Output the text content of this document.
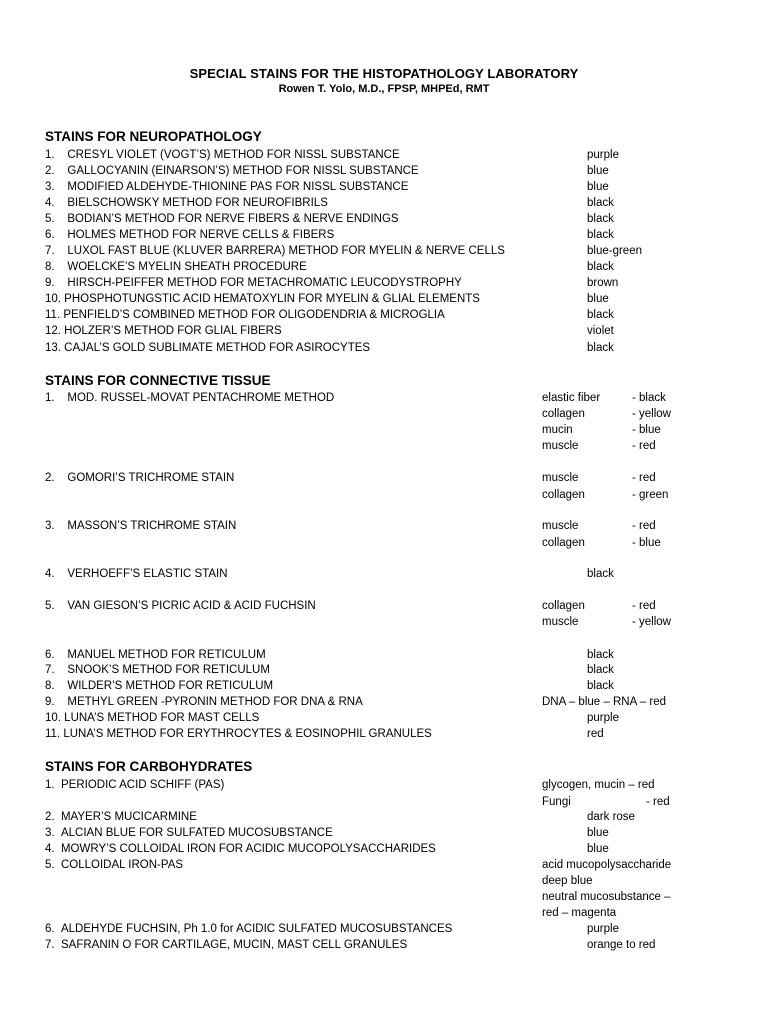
SPECIAL STAINS FOR THE HISTOPATHOLOGY LABORATORY
Rowen T. Yolo, M.D., FPSP, MHPEd, RMT
STAINS FOR NEUROPATHOLOGY
1.    CRESYL VIOLET (VOGT’S) METHOD FOR NISSL SUBSTANCE	purple
2.    GALLOCYANIN (EINARSON’S) METHOD FOR NISSL SUBSTANCE	blue
3.    MODIFIED ALDEHYDE-THIONINE PAS FOR NISSL SUBSTANCE	blue
4.    BIELSCHOWSKY METHOD FOR NEUROFIBRILS	black
5.    BODIAN’S METHOD FOR NERVE FIBERS & NERVE ENDINGS	black
6.    HOLMES METHOD FOR NERVE CELLS & FIBERS	black
7.    LUXOL FAST BLUE (KLUVER BARRERA) METHOD FOR MYELIN & NERVE CELLS	blue-green
8.    WOELCKE’S MYELIN SHEATH PROCEDURE	black
9.    HIRSCH-PEIFFER METHOD FOR METACHROMATIC LEUCODYSTROPHY	brown
10. PHOSPHOTUNGSTIC ACID HEMATOXYLIN FOR MYELIN & GLIAL ELEMENTS	blue
11. PENFIELD’S COMBINED METHOD FOR OLIGODENDRIA & MICROGLIA	black
12. HOLZER’S METHOD FOR GLIAL FIBERS	violet
13. CAJAL’S GOLD SUBLIMATE METHOD FOR ASIROCYTES	black
STAINS FOR CONNECTIVE TISSUE
1.    MOD. RUSSEL-MOVAT PENTACHROME METHOD	elastic fiber	- black
collagen	- yellow
mucin	- blue
muscle	- red
2.    GOMORI’S TRICHROME STAIN	muscle	- red
collagen	- green
3.    MASSON’S TRICHROME STAIN	muscle	- red
collagen	- blue
4.    VERHOEFF’S ELASTIC STAIN	black
5.    VAN GIESON’S PICRIC ACID & ACID FUCHSIN	collagen	- red
muscle	- yellow
6.    MANUEL METHOD FOR RETICULUM	black
7.    SNOOK’S METHOD FOR RETICULUM	black
8.    WILDER’S METHOD FOR RETICULUM	black
9.    METHYL GREEN -PYRONIN METHOD FOR DNA & RNA	DNA – blue – RNA – red
10. LUNA’S METHOD FOR MAST CELLS	purple
11. LUNA’S METHOD FOR ERYTHROCYTES & EOSINOPHIL GRANULES	red
STAINS FOR CARBOHYDRATES
1.  PERIODIC ACID SCHIFF (PAS)	glycogen, mucin – red
Fungi	- red
2.  MAYER’S MUCICARMINE	dark rose
3.  ALCIAN BLUE FOR SULFATED MUCOSUBSTANCE	blue
4.  MOWRY’S COLLOIDAL IRON FOR ACIDIC MUCOPOLYSACCHARIDES	blue
5.  COLLOIDAL IRON-PAS	acid mucopolysaccharide
deep blue
neutral mucosubstance –
red – magenta
6.  ALDEHYDE FUCHSIN, Ph 1.0 for ACIDIC SULFATED MUCOSUBSTANCES	purple
7.  SAFRANIN O FOR CARTILAGE, MUCIN, MAST CELL GRANULES	orange to red
